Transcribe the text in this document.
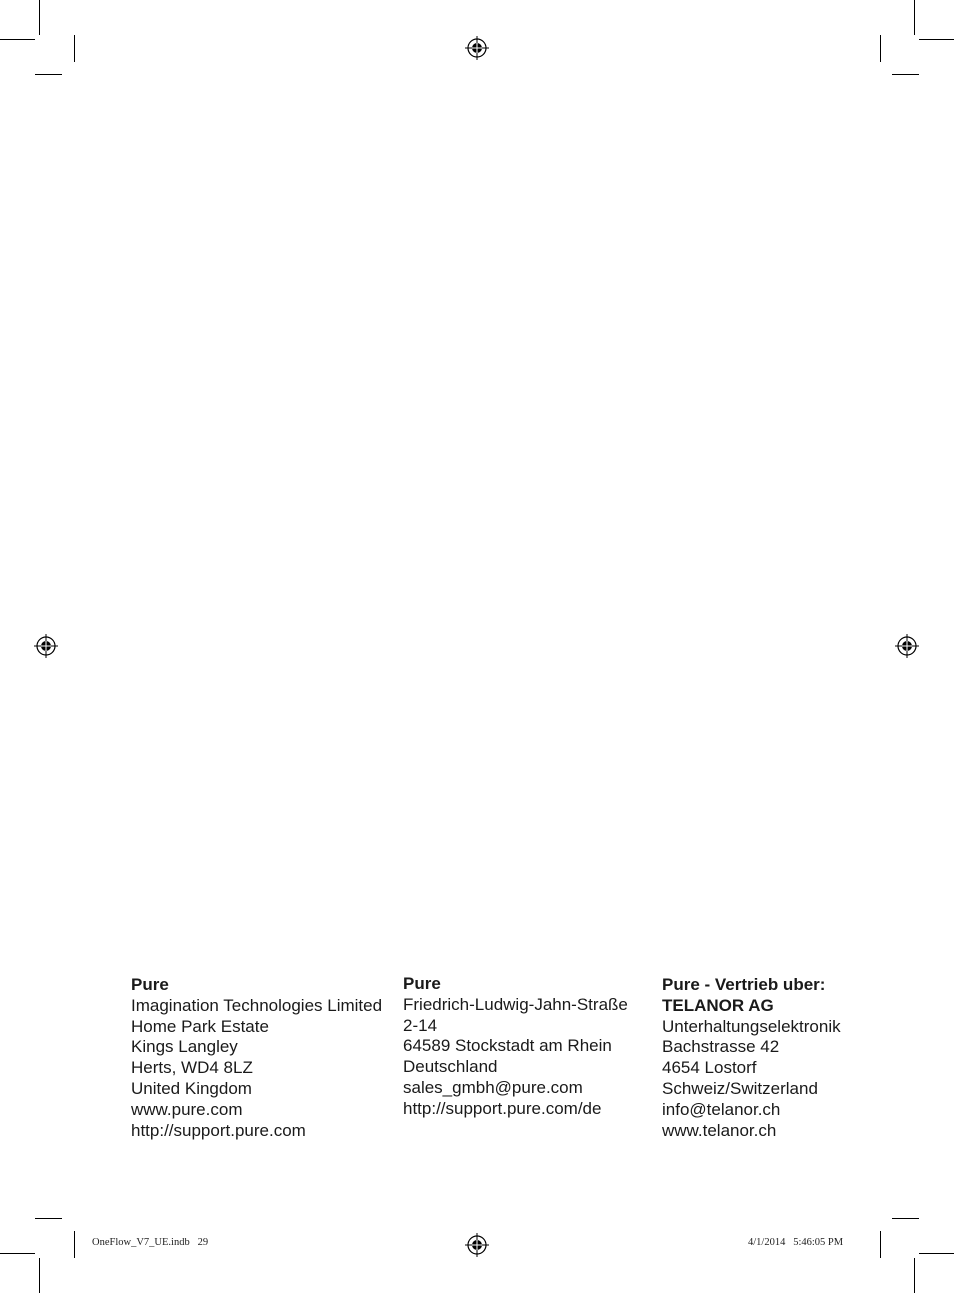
Pure
Imagination Technologies Limited
Home Park Estate
Kings Langley
Herts, WD4 8LZ
United Kingdom
www.pure.com
http://support.pure.com
Pure
Friedrich-Ludwig-Jahn-Straße
2-14
64589 Stockstadt am Rhein
Deutschland
sales_gmbh@pure.com
http://support.pure.com/de
Pure - Vertrieb uber:
TELANOR AG
Unterhaltungselektronik
Bachstrasse 42
4654 Lostorf
Schweiz/Switzerland
info@telanor.ch
www.telanor.ch
OneFlow_V7_UE.indb   29	4/1/2014   5:46:05 PM
